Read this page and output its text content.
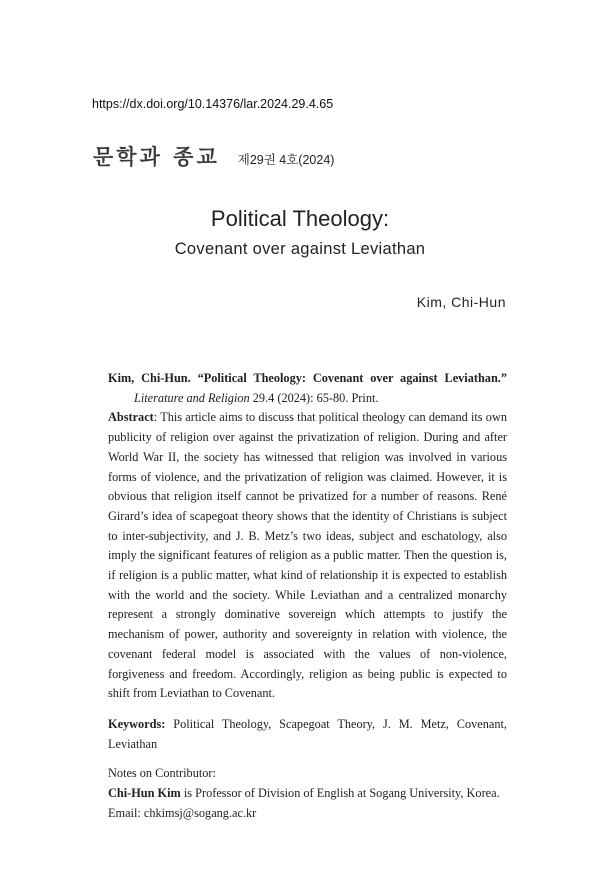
https://dx.doi.org/10.14376/lar.2024.29.4.65
문학과 종교 제29권 4호(2024)
Political Theology:
Covenant over against Leviathan
Kim, Chi-Hun
Kim, Chi-Hun. “Political Theology: Covenant over against Leviathan.” Literature and Religion 29.4 (2024): 65-80. Print.
Abstract: This article aims to discuss that political theology can demand its own publicity of religion over against the privatization of religion. During and after World War II, the society has witnessed that religion was involved in various forms of violence, and the privatization of religion was claimed. However, it is obvious that religion itself cannot be privatized for a number of reasons. René Girard’s idea of scapegoat theory shows that the identity of Christians is subject to inter-subjectivity, and J. B. Metz’s two ideas, subject and eschatology, also imply the significant features of religion as a public matter. Then the question is, if religion is a public matter, what kind of relationship it is expected to establish with the world and the society. While Leviathan and a centralized monarchy represent a strongly dominative sovereign which attempts to justify the mechanism of power, authority and sovereignty in relation with violence, the covenant federal model is associated with the values of non-violence, forgiveness and freedom. Accordingly, religion as being public is expected to shift from Leviathan to Covenant.
Keywords: Political Theology, Scapegoat Theory, J. M. Metz, Covenant, Leviathan
Notes on Contributor:
Chi-Hun Kim is Professor of Division of English at Sogang University, Korea.
Email: chkimsj@sogang.ac.kr
